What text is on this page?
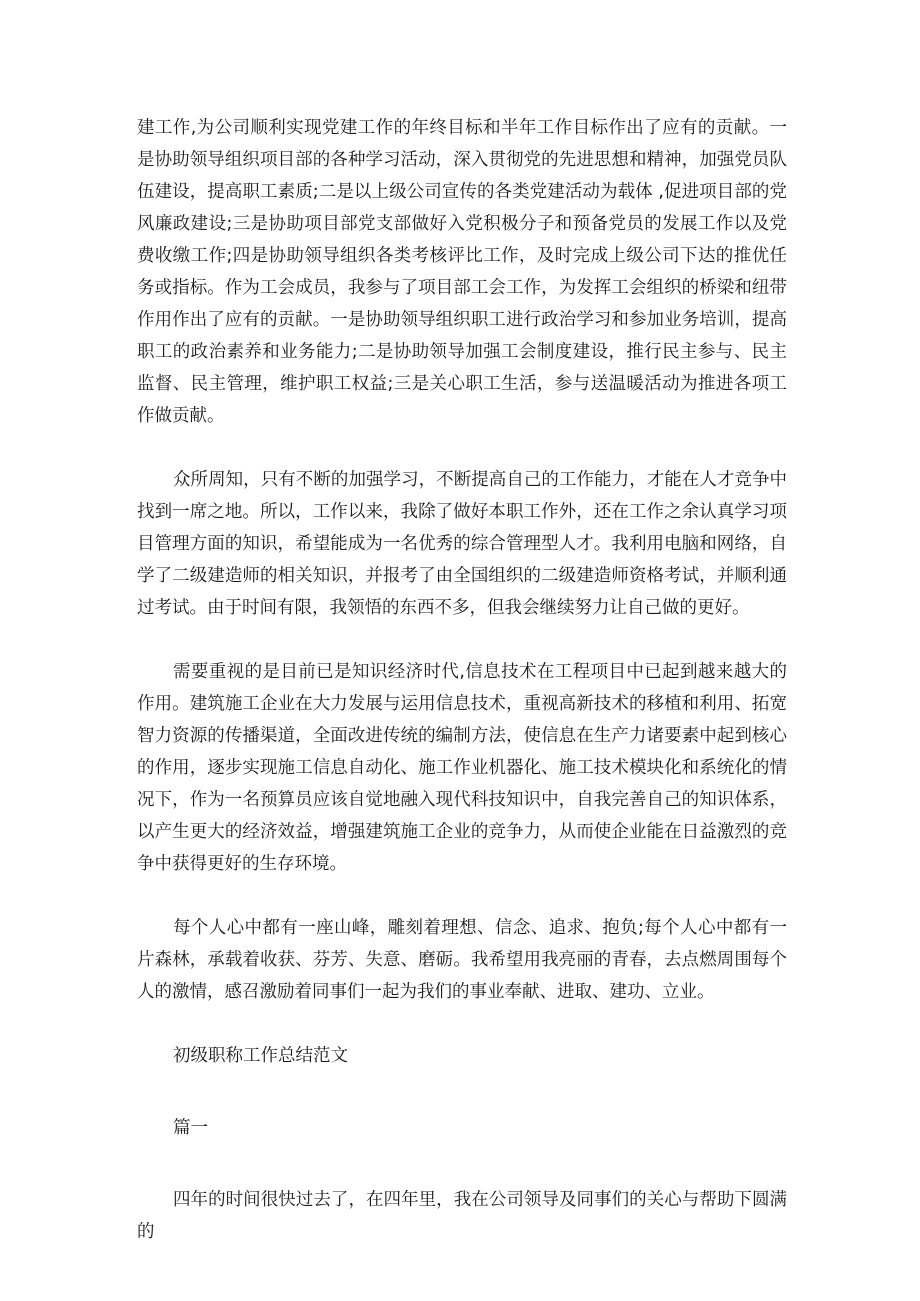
建工作,为公司顺利实现党建工作的年终目标和半年工作目标作出了应有的贡献。一是协助领导组织项目部的各种学习活动，深入贯彻党的先进思想和精神，加强党员队伍建设，提高职工素质;二是以上级公司宣传的各类党建活动为载体 ,促进项目部的党风廉政建设;三是协助项目部党支部做好入党积极分子和预备党员的发展工作以及党费收缴工作;四是协助领导组织各类考核评比工作，及时完成上级公司下达的推优任务或指标。作为工会成员，我参与了项目部工会工作，为发挥工会组织的桥梁和纽带作用作出了应有的贡献。一是协助领导组织职工进行政治学习和参加业务培训，提高职工的政治素养和业务能力;二是协助领导加强工会制度建设，推行民主参与、民主监督、民主管理，维护职工权益;三是关心职工生活，参与送温暖活动为推进各项工作做贡献。

众所周知，只有不断的加强学习，不断提高自己的工作能力，才能在人才竞争中找到一席之地。所以，工作以来，我除了做好本职工作外，还在工作之余认真学习项目管理方面的知识，希望能成为一名优秀的综合管理型人才。我利用电脑和网络，自学了二级建造师的相关知识，并报考了由全国组织的二级建造师资格考试，并顺利通过考试。由于时间有限，我领悟的东西不多，但我会继续努力让自己做的更好。

需要重视的是目前已是知识经济时代,信息技术在工程项目中已起到越来越大的作用。建筑施工企业在大力发展与运用信息技术，重视高新技术的移植和利用、拓宽智力资源的传播渠道，全面改进传统的编制方法，使信息在生产力诸要素中起到核心的作用，逐步实现施工信息自动化、施工作业机器化、施工技术模块化和系统化的情况下，作为一名预算员应该自觉地融入现代科技知识中，自我完善自己的知识体系，以产生更大的经济效益，增强建筑施工企业的竞争力，从而使企业能在日益激烈的竞争中获得更好的生存环境。

每个人心中都有一座山峰，雕刻着理想、信念、追求、抱负;每个人心中都有一片森林，承载着收获、芬芳、失意、磨砺。我希望用我亮丽的青春，去点燃周围每个人的激情，感召激励着同事们一起为我们的事业奉献、进取、建功、立业。

初级职称工作总结范文

篇一

四年的时间很快过去了，在四年里，我在公司领导及同事们的关心与帮助下圆满的
